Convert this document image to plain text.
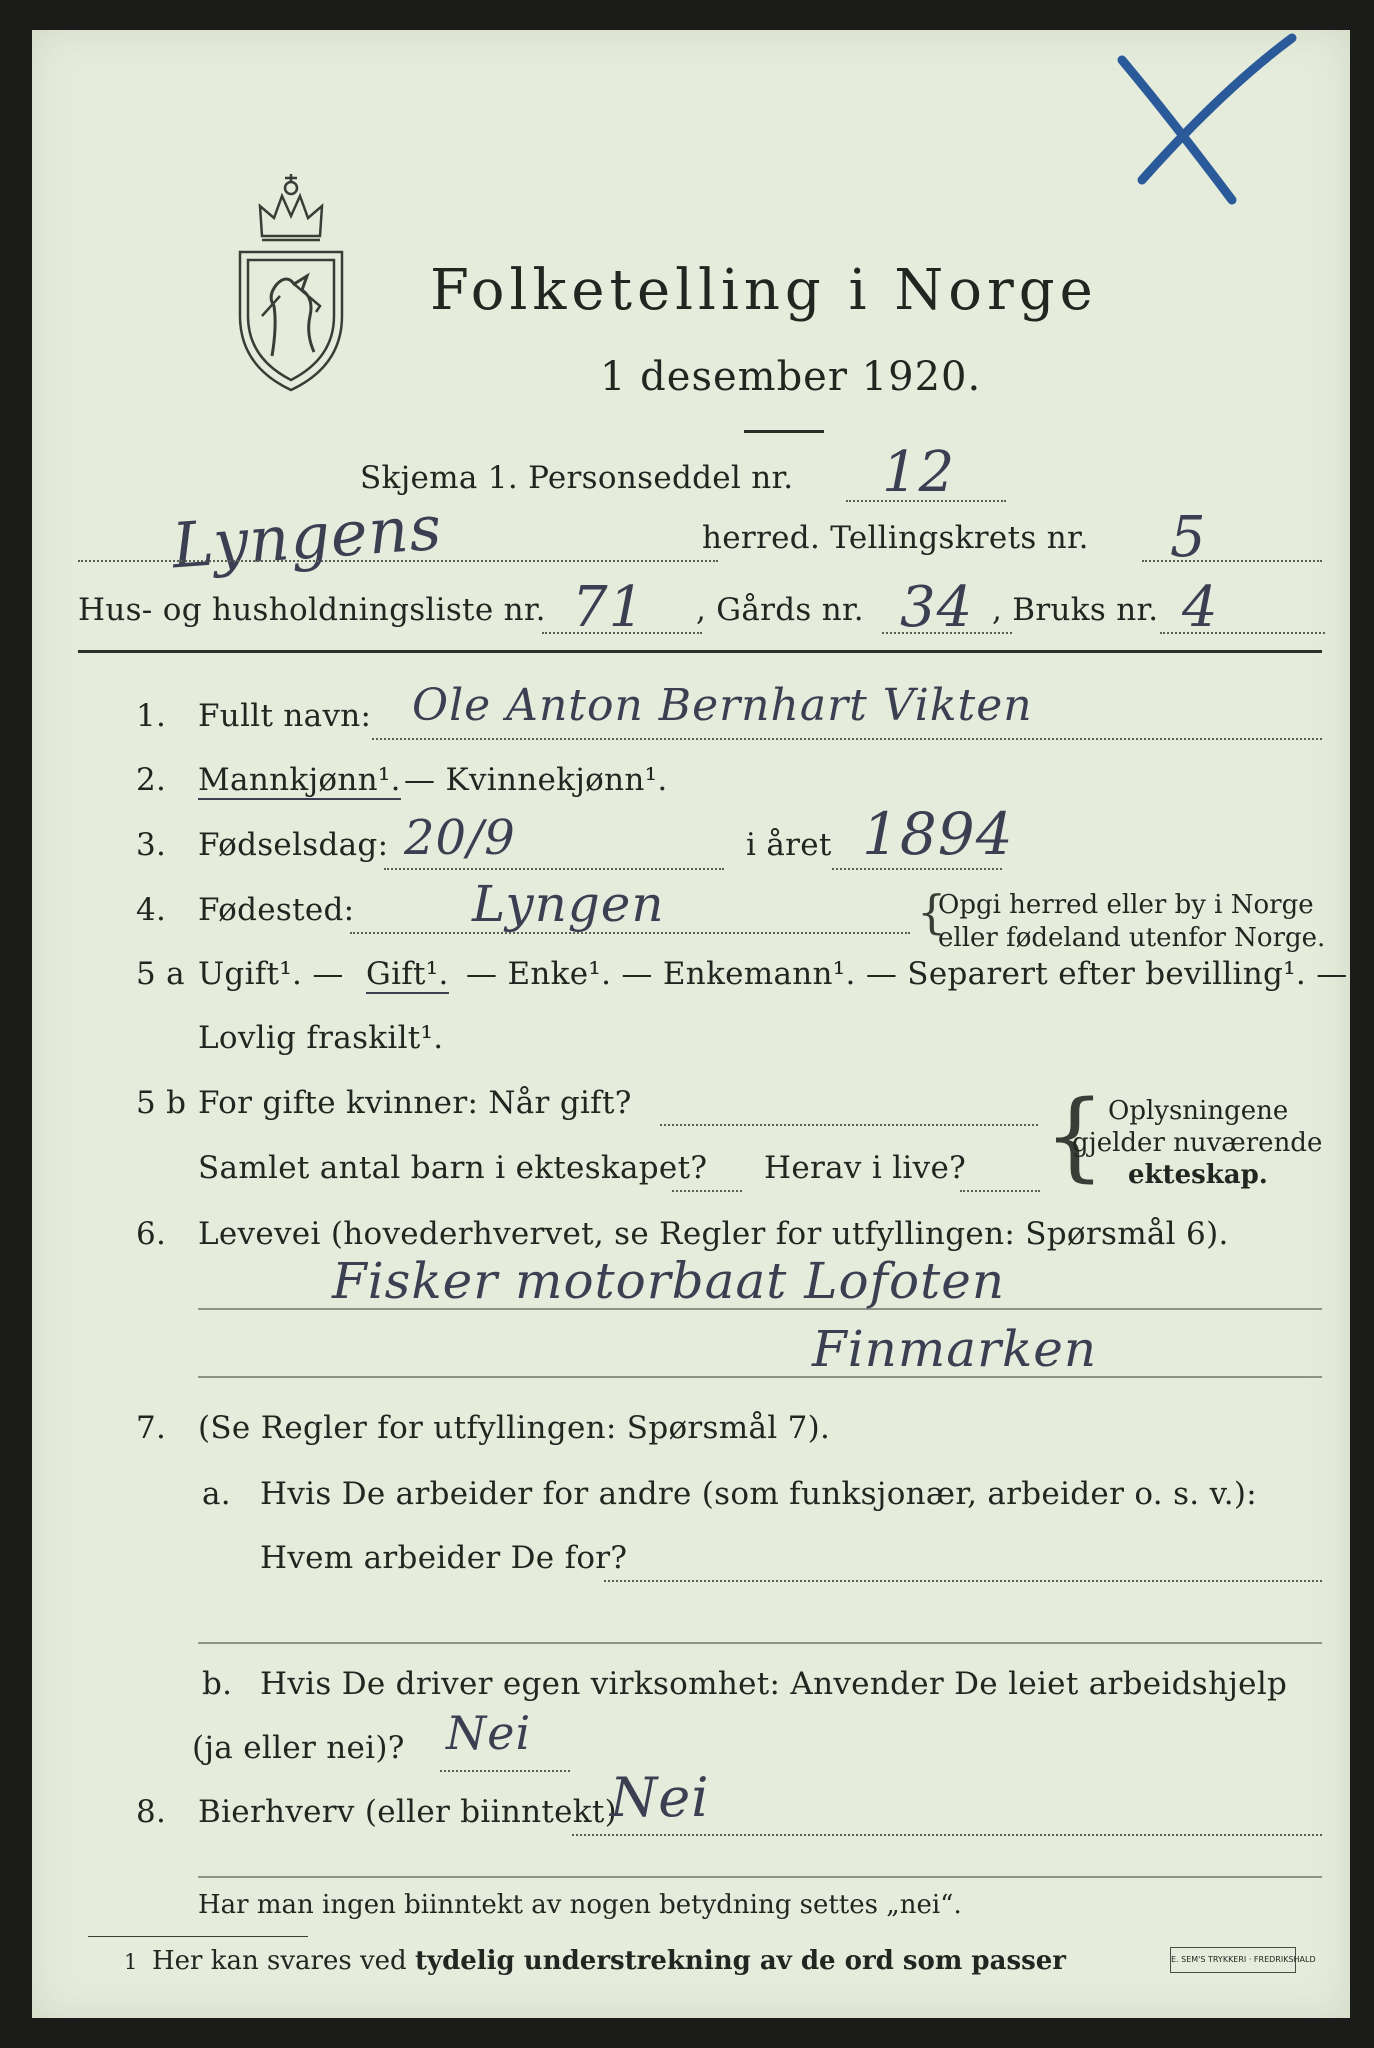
Folketelling i Norge
1 desember 1920.
Lyngens
Skjema 1. Personseddel nr. 12
herred. Tellingskrets nr. 5
Hus- og husholdningsliste nr. 71 , Gårds nr. 34 , Bruks nr. 4
1. Fullt navn: Ole Anton Bernhart Vikten
2. Mannkjønn¹. — Kvinnekjønn¹.
3. Fødselsdag: 20/9	i året 1894
4. Fødested: Lyngen	{
Opgi herred eller by i Norge
eller fødeland utenfor Norge.
5 a Ugift¹. — Gift¹. — Enke¹. — Enkemann¹. — Separert efter bevilling¹. —
Lovlig fraskilt¹.
5 b For gifte kvinner: Når gift?
Samlet antal barn i ekteskapet? Herav i live? { Oplysningene
gjelder nuværende
ekteskap.
6. Levevei (hovederhvervet, se Regler for utfyllingen: Spørsmål 6).
Fisker motorbaat Lofoten
Finmarken
7. (Se Regler for utfyllingen: Spørsmål 7).
a. Hvis De arbeider for andre (som funksjonær, arbeider o. s. v.):
Hvem arbeider De for?
b. Hvis De driver egen virksomhet: Anvender De leiet arbeidshjelp
(ja eller nei)? Nei
8. Bierhverv (eller biinntekt)
Nei
Har man ingen biinntekt av nogen betydning settes „nei“.
1 Her kan svares ved tydelig understrekning av de ord som passer	E. SEM'S TRYKKERI · FREDRIKSHALD
